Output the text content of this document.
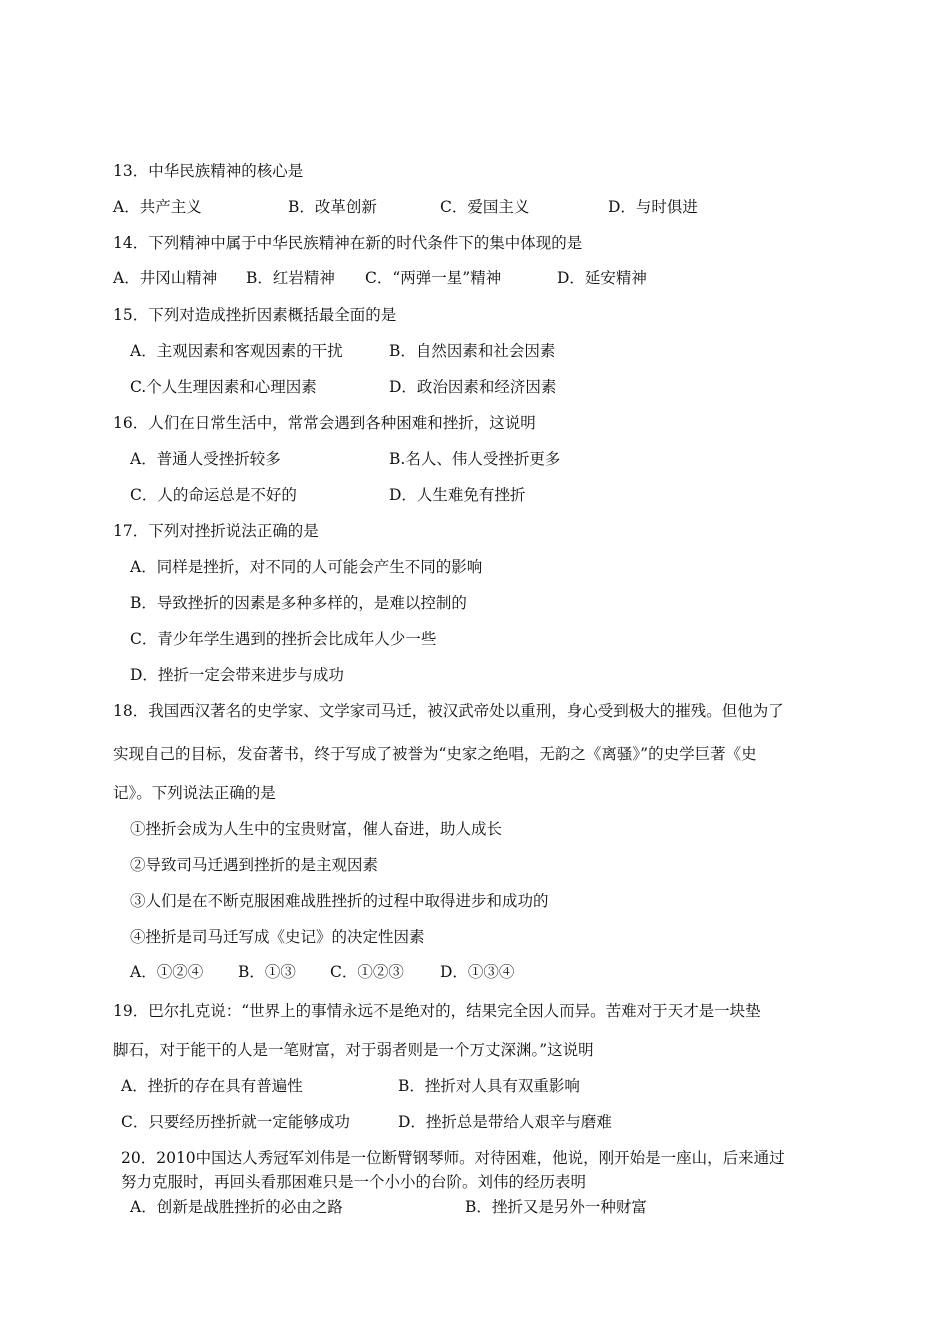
13．中华民族精神的核心是
A．共产主义	B．改革创新	C．爱国主义	D．与时俱进
14．下列精神中属于中华民族精神在新的时代条件下的集中体现的是
A．井冈山精神 B．红岩精神 C．“两弹一星”精神	D．延安精神
15．下列对造成挫折因素概括最全面的是
A．主观因素和客观因素的干扰	B．自然因素和社会因素
C.个人生理因素和心理因素	D．政治因素和经济因素
16．人们在日常生活中，常常会遇到各种困难和挫折，这说明
A．普通人受挫折较多	B.名人、伟人受挫折更多
C．人的命运总是不好的	D．人生难免有挫折
17．下列对挫折说法正确的是
A．同样是挫折，对不同的人可能会产生不同的影响
B．导致挫折的因素是多种多样的，是难以控制的
C．青少年学生遇到的挫折会比成年人少一些
D．挫折一定会带来进步与成功
18．我国西汉著名的史学家、文学家司马迁，被汉武帝处以重刑，身心受到极大的摧残。但他为了
实现自己的目标，发奋著书，终于写成了被誉为“史家之绝唱，无韵之《离骚》”的史学巨著《史
记》。下列说法正确的是
①挫折会成为人生中的宝贵财富，催人奋进，助人成长
②导致司马迁遇到挫折的是主观因素
③人们是在不断克服困难战胜挫折的过程中取得进步和成功的
④挫折是司马迁写成《史记》的决定性因素
A．①②④ B．①③ C．①②③ D．①③④
19．巴尔扎克说：“世界上的事情永远不是绝对的，结果完全因人而异。苦难对于天才是一块垫
脚石，对于能干的人是一笔财富，对于弱者则是一个万丈深渊。”这说明
A．挫折的存在具有普遍性	B．挫折对人具有双重影响
C．只要经历挫折就一定能够成功	D．挫折总是带给人艰辛与磨难
20．2010中国达人秀冠军刘伟是一位断臂钢琴师。对待困难，他说，刚开始是一座山，后来通过
努力克服时，再回头看那困难只是一个小小的台阶。刘伟的经历表明
A．创新是战胜挫折的必由之路	B．挫折又是另外一种财富
